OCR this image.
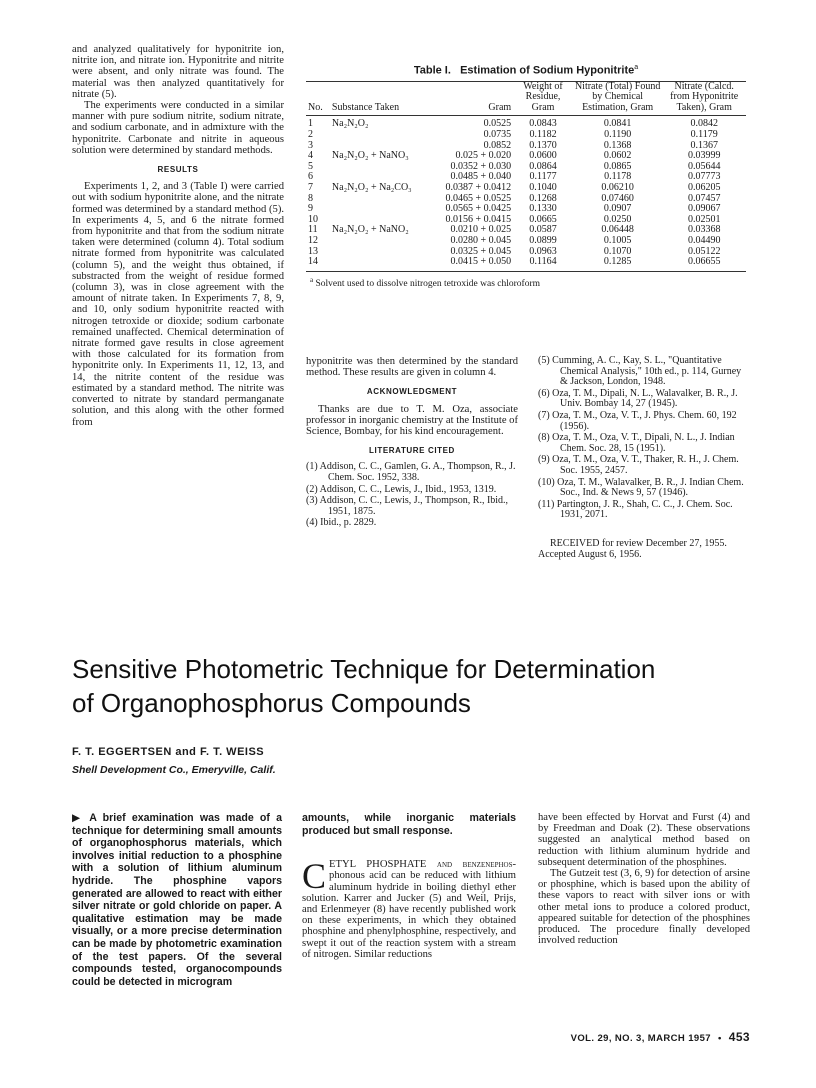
and analyzed qualitatively for hyponitrite ion, nitrite ion, and nitrate ion. Hyponitrite and nitrite were absent, and only nitrate was found. The material was then analyzed quantitatively for nitrate (5).

The experiments were conducted in a similar manner with pure sodium nitrite, sodium nitrate, and sodium carbonate, and in admixture with the hyponitrite. Carbonate and nitrite in aqueous solution were determined by standard methods.

RESULTS

Experiments 1, 2, and 3 (Table I) were carried out with sodium hyponitrite alone, and the nitrate formed was determined by a standard method (5). In experiments 4, 5, and 6 the nitrate formed from hyponitrite and that from the sodium nitrate taken were determined (column 4). Total sodium nitrate formed from hyponitrite was calculated (column 5), and the weight thus obtained, if substracted from the weight of residue formed (column 3), was in close agreement with the amount of nitrate taken. In Experiments 7, 8, 9, and 10, only sodium hyponitrite reacted with nitrogen tetroxide or dioxide; sodium carbonate remained unaffected. Chemical determination of nitrate formed gave results in close agreement with those calculated for its formation from hyponitrite only. In Experiments 11, 12, 13, and 14, the nitrite content of the residue was estimated by a standard method. The nitrite was converted to nitrate by standard permanganate solution, and this along with the other formed from

Table I. Estimation of Sodium Hyponitrite$^a$
No.	Substance Taken	Gram	Weight of Residue, Gram	Nitrate (Total) Found by Chemical Estimation, Gram	Nitrate (Calcd. from Hyponitrite Taken), Gram

1	Na₂N₂O₂	0.0525	0.0843	0.0841	0.0842
2		0.0735	0.1182	0.1190	0.1179
3		0.0852	0.1370	0.1368	0.1367
4	Na₂N₂O₂ + NaNO₃	0.025 + 0.020	0.0600	0.0602	0.03999
5		0.0352 + 0.030	0.0864	0.0865	0.05644
6		0.0485 + 0.040	0.1177	0.1178	0.07773
7	Na₂N₂O₂ + Na₂CO₃	0.0387 + 0.0412	0.1040	0.06210	0.06205
8		0.0465 + 0.0525	0.1268	0.07460	0.07457
9		0.0565 + 0.0425	0.1330	0.0907	0.09067
10		0.0156 + 0.0415	0.0665	0.0250	0.02501
11	Na₂N₂O₂ + NaNO₂	0.0210 + 0.025	0.0587	0.06448	0.03368
12		0.0280 + 0.045	0.0899	0.1005	0.04490
13		0.0325 + 0.045	0.0963	0.1070	0.05122
14		0.0415 + 0.050	0.1164	0.1285	0.06655
$^a$ Solvent used to dissolve nitrogen tetroxide was chloroform

hyponitrite was then determined by the standard method. These results are given in column 4.

ACKNOWLEDGMENT

Thanks are due to T. M. Oza, associate professor in inorganic chemistry at the Institute of Science, Bombay, for his kind encouragement.

LITERATURE CITED
(1) Addison, C. C., Gamlen, G. A., Thompson, R., J. Chem. Soc. 1952, 338.
(2) Addison, C. C., Lewis, J., Ibid., 1953, 1319.
(3) Addison, C. C., Lewis, J., Thompson, R., Ibid., 1951, 1875.
(4) Ibid., p. 2829.
(5) Cumming, A. C., Kay, S. L., "Quantitative Chemical Analysis," 10th ed., p. 114, Gurney & Jackson, London, 1948.
(6) Oza, T. M., Dipali, N. L., Walavalker, B. R., J. Univ. Bombay 14, 27 (1945).
(7) Oza, T. M., Oza, V. T., J. Phys. Chem. 60, 192 (1956).
(8) Oza, T. M., Oza, V. T., Dipali, N. L., J. Indian Chem. Soc. 28, 15 (1951).
(9) Oza, T. M., Oza, V. T., Thaker, R. H., J. Chem. Soc. 1955, 2457.
(10) Oza, T. M., Walavalker, B. R., J. Indian Chem. Soc., Ind. & News 9, 57 (1946).
(11) Partington, J. R., Shah, C. C., J. Chem. Soc. 1931, 2071.
RECEIVED for review December 27, 1955. Accepted August 6, 1956.
Sensitive Photometric Technique for Determination
of Organophosphorus Compounds
F. T. EGGERTSEN and F. T. WEISS
Shell Development Co., Emeryville, Calif.
▶ A brief examination was made of a technique for determining small amounts of organophosphorus materials, which involves initial reduction to a phosphine with a solution of lithium aluminum hydride. The phosphine vapors generated are allowed to react with either silver nitrate or gold chloride on paper. A qualitative estimation may be made visually, or a more precise determination can be made by photometric examination of the test papers. Of the several compounds tested, organocompounds could be detected in microgram
amounts, while inorganic materials produced but small response.
CETYL PHOSPHATE and benzenephos-phonous acid can be reduced with lithium aluminum hydride in boiling diethyl ether solution. Karrer and Jucker (5) and Weil, Prijs, and Erlenmeyer (8) have recently published work on these experiments, in which they obtained phosphine and phenylphosphine, respectively, and swept it out of the reaction system with a stream of nitrogen. Similar reductions

have been effected by Horvat and Furst (4) and by Freedman and Doak (2). These observations suggested an analytical method based on reduction with lithium aluminum hydride and subsequent determination of the phosphines.

The Gutzeit test (3, 6, 9) for detection of arsine or phosphine, which is based upon the ability of these vapors to react with silver ions or with other metal ions to produce a colored product, appeared suitable for detection of the phosphines produced. The procedure finally developed involved reduction

VOL. 29, NO. 3, MARCH 1957 • 453
